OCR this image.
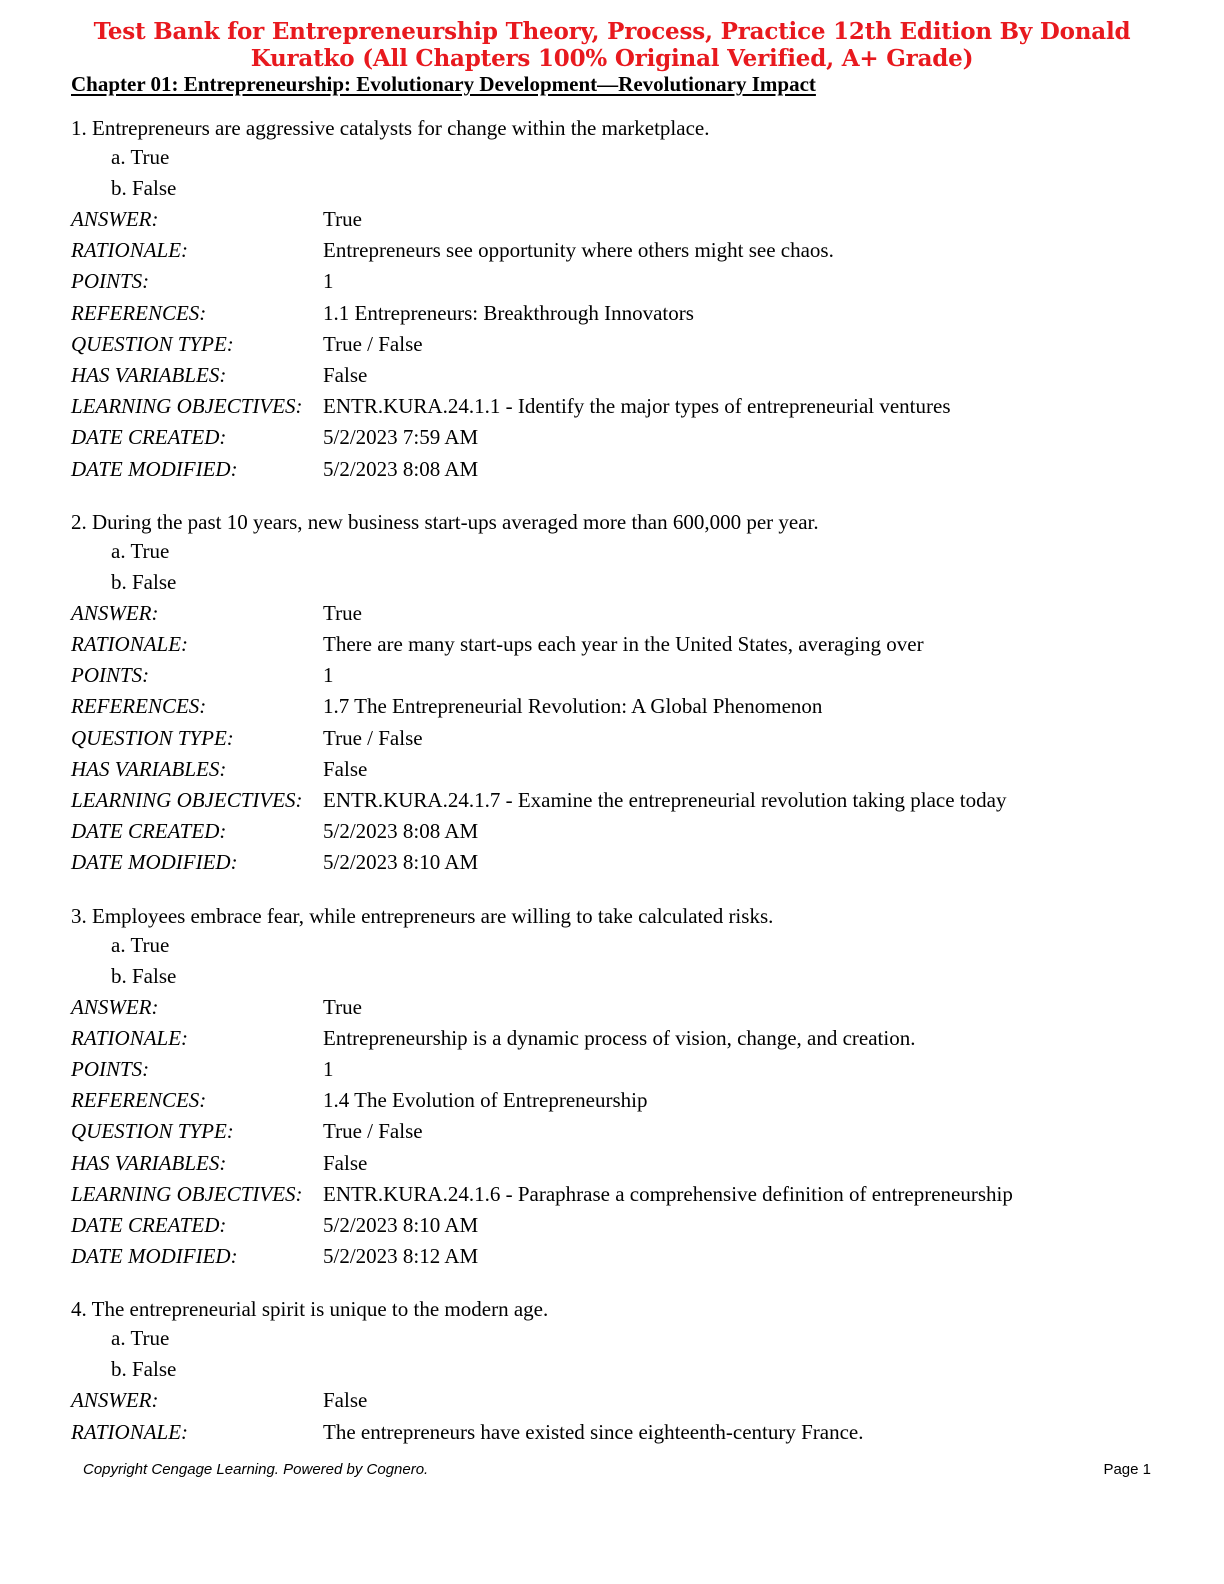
Test Bank for Entrepreneurship Theory, Process, Practice 12th Edition By Donald Kuratko (All Chapters 100% Original Verified, A+ Grade)
Chapter 01: Entrepreneurship: Evolutionary Development—Revolutionary Impact
1. Entrepreneurs are aggressive catalysts for change within the marketplace.
a. True
b. False
ANSWER:	True
RATIONALE:	Entrepreneurs see opportunity where others might see chaos.
POINTS:	1
REFERENCES:	1.1 Entrepreneurs: Breakthrough Innovators
QUESTION TYPE:	True / False
HAS VARIABLES:	False
LEARNING OBJECTIVES: ENTR.KURA.24.1.1 - Identify the major types of entrepreneurial ventures
DATE CREATED:	5/2/2023 7:59 AM
DATE MODIFIED:	5/2/2023 8:08 AM
2. During the past 10 years, new business start-ups averaged more than 600,000 per year.
a. True
b. False
ANSWER:	True
RATIONALE:	There are many start-ups each year in the United States, averaging over
POINTS:	1
REFERENCES:	1.7 The Entrepreneurial Revolution: A Global Phenomenon
QUESTION TYPE:	True / False
HAS VARIABLES:	False
LEARNING OBJECTIVES: ENTR.KURA.24.1.7 - Examine the entrepreneurial revolution taking place today
DATE CREATED:	5/2/2023 8:08 AM
DATE MODIFIED:	5/2/2023 8:10 AM
3. Employees embrace fear, while entrepreneurs are willing to take calculated risks.
a. True
b. False
ANSWER:	True
RATIONALE:	Entrepreneurship is a dynamic process of vision, change, and creation.
POINTS:	1
REFERENCES:	1.4 The Evolution of Entrepreneurship
QUESTION TYPE:	True / False
HAS VARIABLES:	False
LEARNING OBJECTIVES: ENTR.KURA.24.1.6 - Paraphrase a comprehensive definition of entrepreneurship
DATE CREATED:	5/2/2023 8:10 AM
DATE MODIFIED:	5/2/2023 8:12 AM
4. The entrepreneurial spirit is unique to the modern age.
a. True
b. False
ANSWER:	False
RATIONALE:	The entrepreneurs have existed since eighteenth-century France.
Copyright Cengage Learning. Powered by Cognero.	Page 1
